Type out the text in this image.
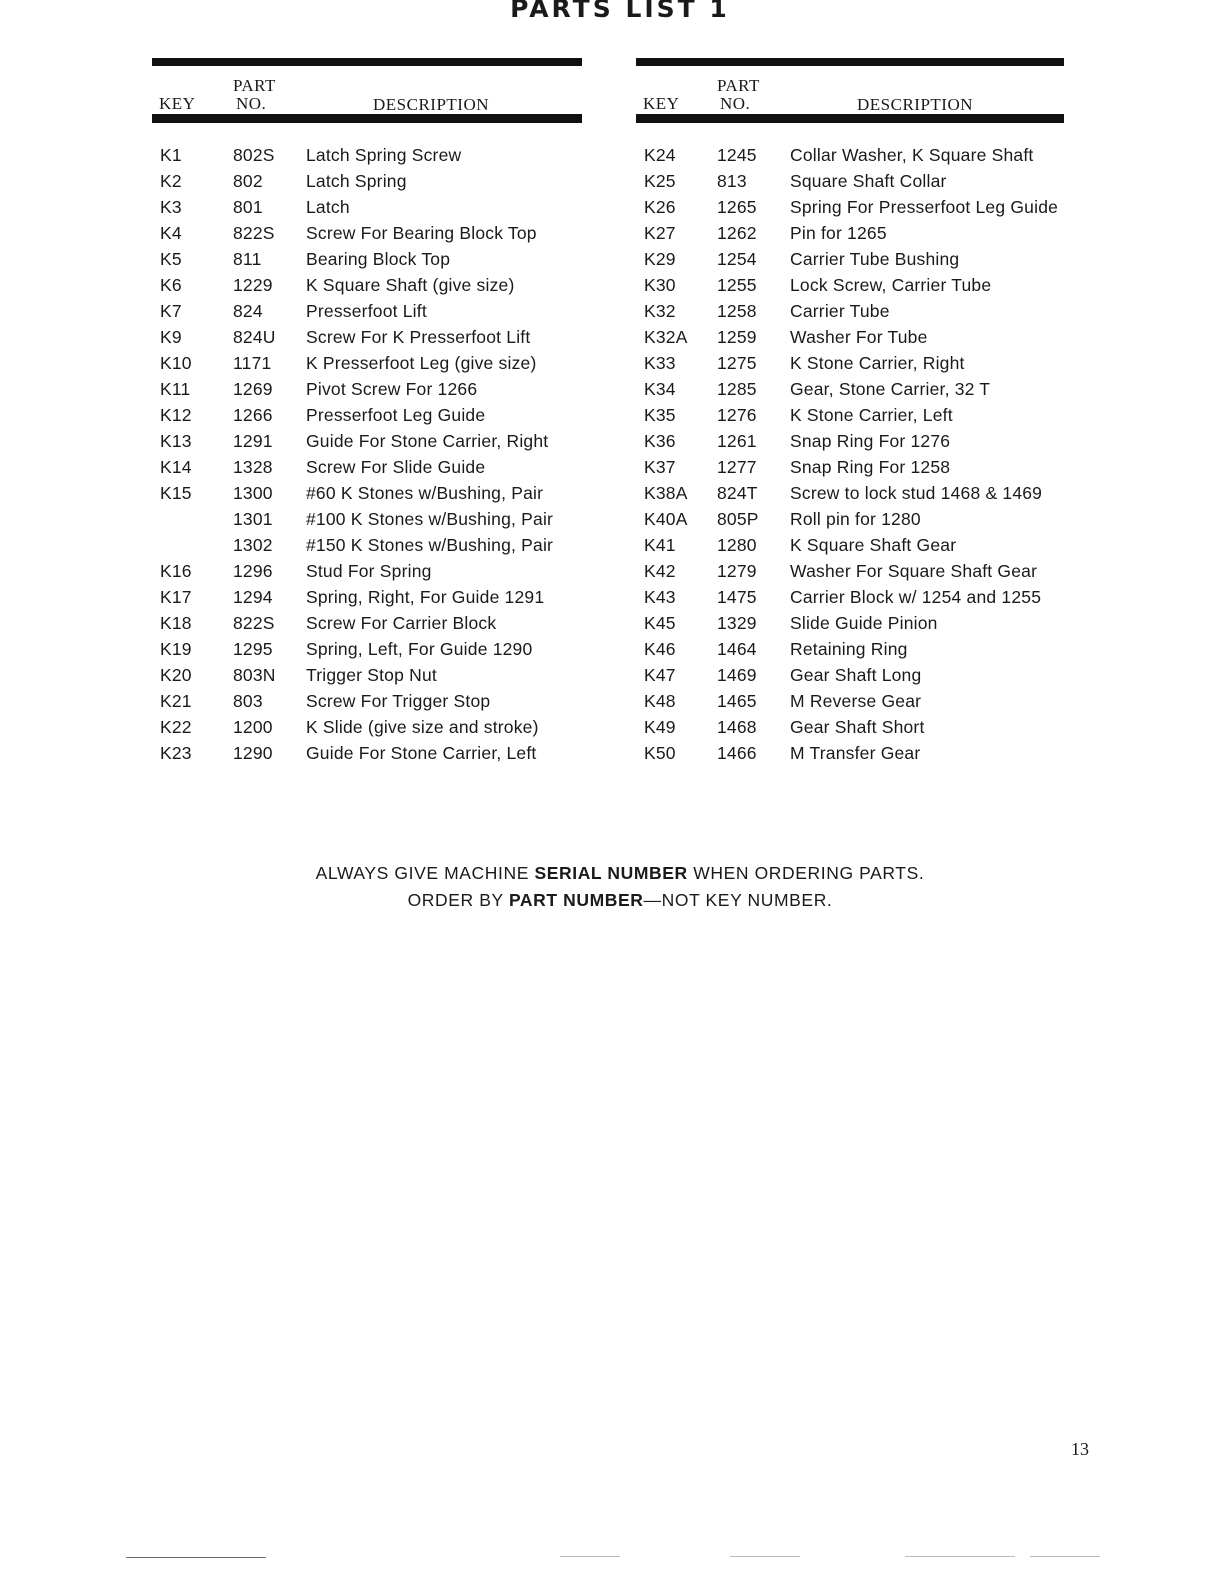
PARTS LIST 1
KEY
PART
NO.	DESCRIPTION
K1	802S Latch Spring Screw
K2	802 Latch Spring
K3	801 Latch
K4	822S Screw For Bearing Block Top
K5	811	Bearing Block Top
K6	1229 K Square Shaft (give size)
K7	824 Presserfoot Lift
K9	824U Screw For K Presserfoot Lift
K10 1171 K Presserfoot Leg (give size)
K11 1269 Pivot Screw For 1266
K12 1266 Presserfoot Leg Guide
K13 1291 Guide For Stone Carrier, Right
K14 1328 Screw For Slide Guide
K15 1300 #60 K Stones w/Bushing, Pair
1301 #100 K Stones w/Bushing, Pair
1302 #150 K Stones w/Bushing, Pair
K16 1296 Stud For Spring
K17 1294 Spring, Right, For Guide 1291
K18 822S Screw For Carrier Block
K19 1295 Spring, Left, For Guide 1290
K20 803N Trigger Stop Nut
K21 803 Screw For Trigger Stop
K22 1200 K Slide (give size and stroke)
K23 1290 Guide For Stone Carrier, Left
KEY
PART
NO.	DESCRIPTION
K24 1245 Collar Washer, K Square Shaft
K25 813 Square Shaft Collar
K26 1265 Spring For Presserfoot Leg Guide
K27 1262 Pin for 1265
K29 1254 Carrier Tube Bushing
K30 1255 Lock Screw, Carrier Tube
K32 1258 Carrier Tube
K32A 1259 Washer For Tube
K33 1275 K Stone Carrier, Right
K34 1285 Gear, Stone Carrier, 32 T
K35 1276 K Stone Carrier, Left
K36 1261 Snap Ring For 1276
K37 1277 Snap Ring For 1258
K38A 824T Screw to lock stud 1468 & 1469
K40A 805P Roll pin for 1280
K41 1280 K Square Shaft Gear
K42 1279 Washer For Square Shaft Gear
K43 1475 Carrier Block w/ 1254 and 1255
K45 1329 Slide Guide Pinion
K46 1464 Retaining Ring
K47 1469 Gear Shaft Long
K48 1465 M Reverse Gear
K49 1468 Gear Shaft Short
K50 1466 M Transfer Gear
ALWAYS GIVE MACHINE SERIAL NUMBER WHEN ORDERING PARTS.
ORDER BY PART NUMBER—NOT KEY NUMBER.
13
